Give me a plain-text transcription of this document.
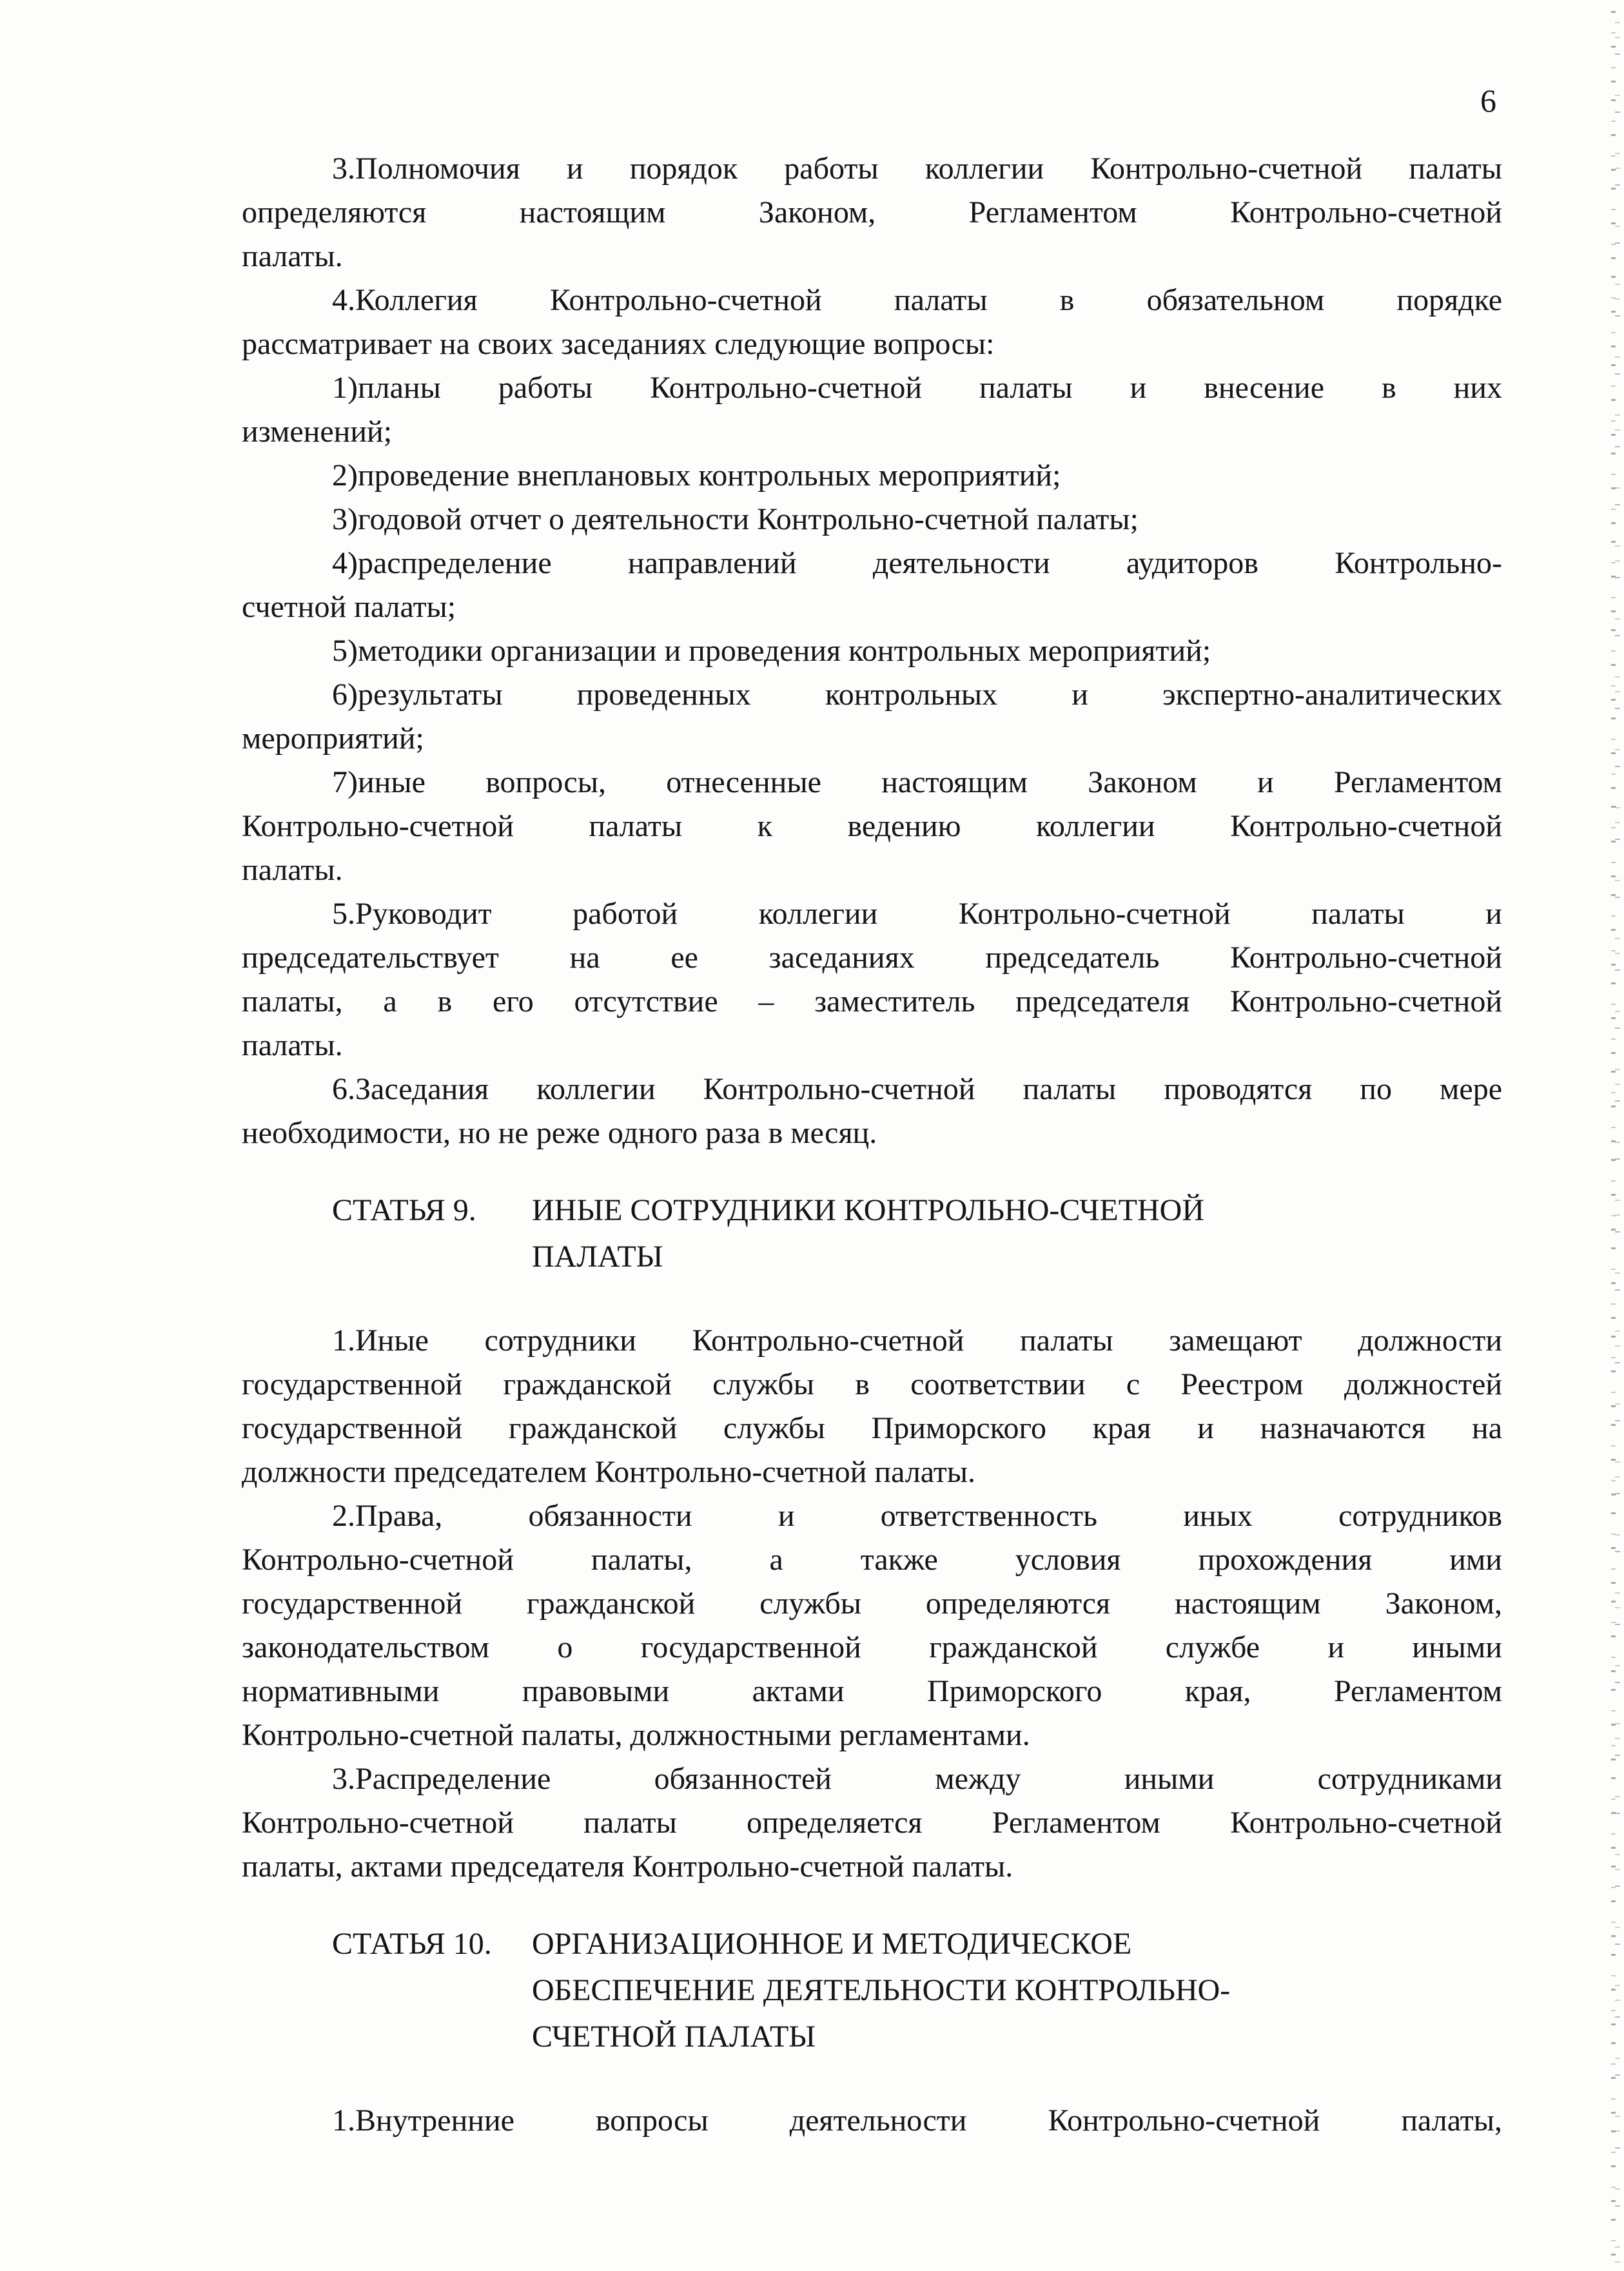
6
3.Полномочия и порядок работы коллегии Контрольно-счетной палаты
определяются настоящим Законом, Регламентом Контрольно-счетной
палаты.
4.Коллегия Контрольно-счетной палаты в обязательном порядке
рассматривает на своих заседаниях следующие вопросы:
1)планы работы Контрольно-счетной палаты и внесение в них
изменений;
2)проведение внеплановых контрольных мероприятий;
3)годовой отчет о деятельности Контрольно-счетной палаты;
4)распределение направлений деятельности аудиторов Контрольно-
счетной палаты;
5)методики организации и проведения контрольных мероприятий;
6)результаты проведенных контрольных и экспертно-аналитических
мероприятий;
7)иные вопросы, отнесенные настоящим Законом и Регламентом
Контрольно-счетной палаты к ведению коллегии Контрольно-счетной
палаты.
5.Руководит работой коллегии Контрольно-счетной палаты и
председательствует на ее заседаниях председатель Контрольно-счетной
палаты, а в его отсутствие – заместитель председателя Контрольно-счетной
палаты.
6.Заседания коллегии Контрольно-счетной палаты проводятся по мере
необходимости, но не реже одного раза в месяц.
СТАТЬЯ 9.	ИНЫЕ СОТРУДНИКИ КОНТРОЛЬНО-СЧЕТНОЙ
ПАЛАТЫ
1.Иные сотрудники Контрольно-счетной палаты замещают должности
государственной гражданской службы в соответствии с Реестром должностей
государственной гражданской службы Приморского края и назначаются на
должности председателем Контрольно-счетной палаты.
2.Права, обязанности и ответственность иных сотрудников
Контрольно-счетной палаты, а также условия прохождения ими
государственной гражданской службы определяются настоящим Законом,
законодательством о государственной гражданской службе и иными
нормативными правовыми актами Приморского края, Регламентом
Контрольно-счетной палаты, должностными регламентами.
3.Распределение обязанностей между иными сотрудниками
Контрольно-счетной палаты определяется Регламентом Контрольно-счетной
палаты, актами председателя Контрольно-счетной палаты.
СТАТЬЯ 10.	ОРГАНИЗАЦИОННОЕ И МЕТОДИЧЕСКОЕ
ОБЕСПЕЧЕНИЕ ДЕЯТЕЛЬНОСТИ КОНТРОЛЬНО-
СЧЕТНОЙ ПАЛАТЫ
1.Внутренние вопросы деятельности Контрольно-счетной палаты,
